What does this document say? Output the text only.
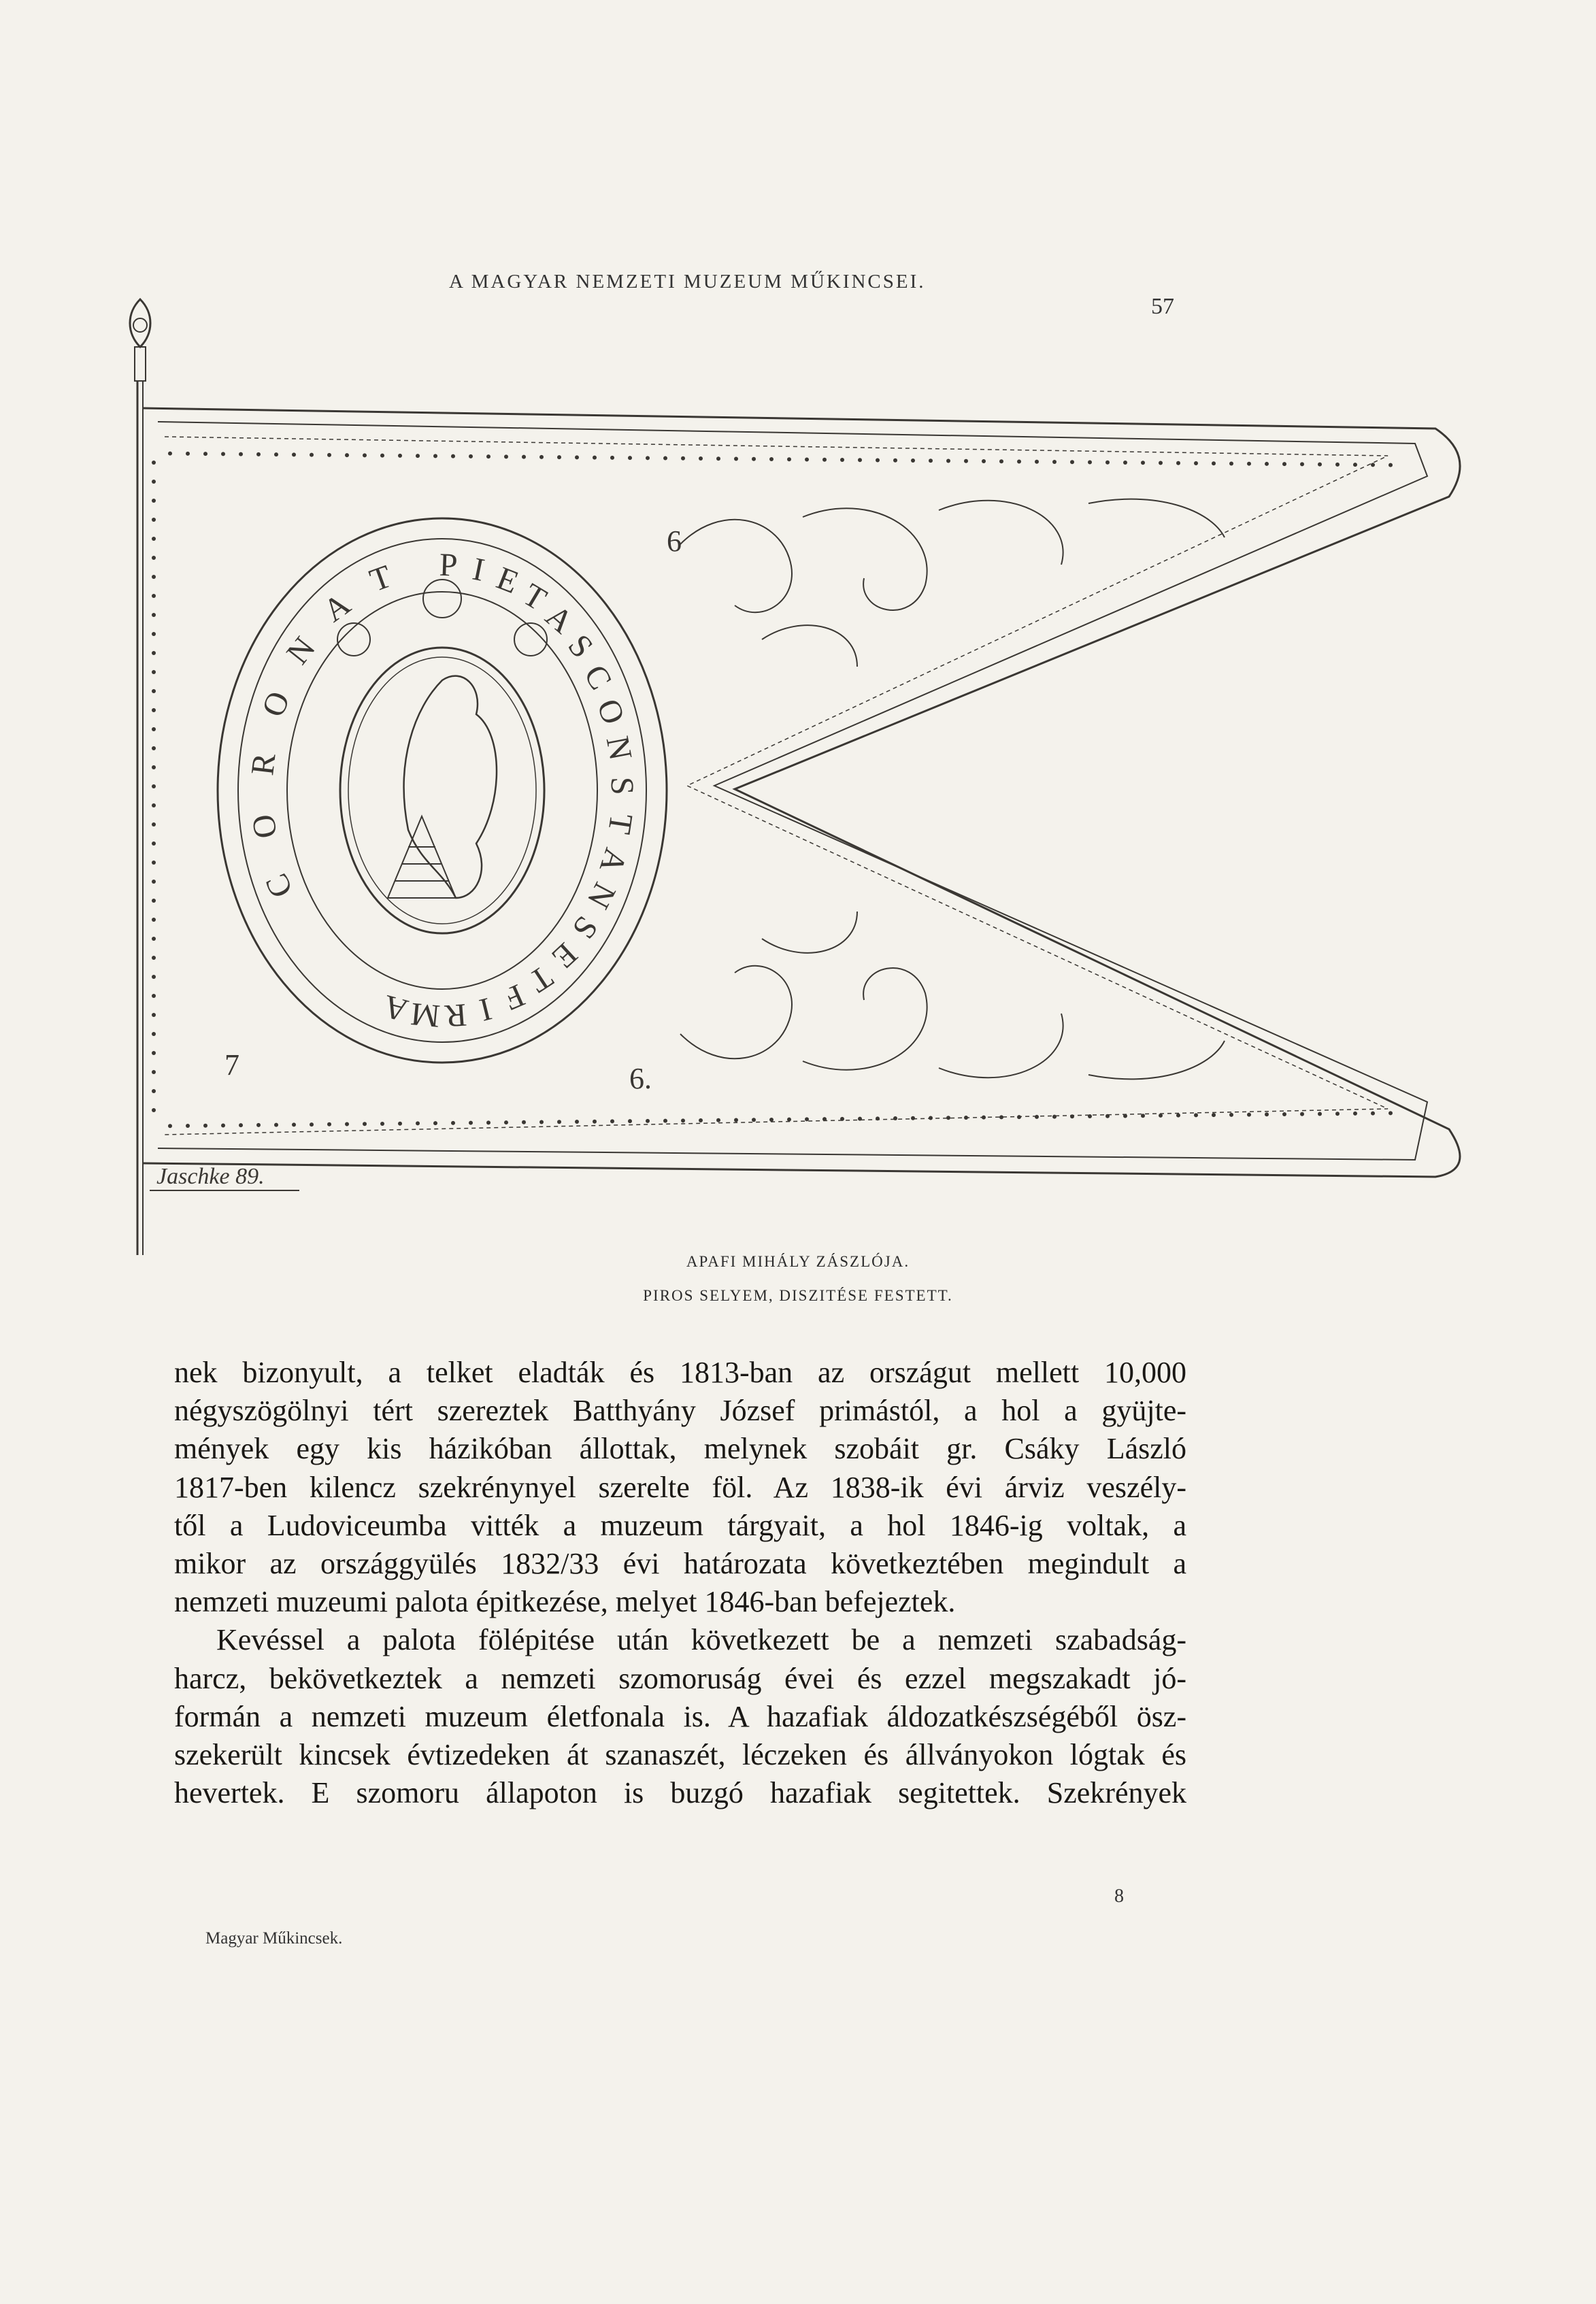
A MAGYAR NEMZETI MUZEUM MŰKINCSEI.
57
C
O
R
O
N
A
T P I E
T
A
S
C
O
N
S
T
A
N
S
E
T
F
I
R
M
A
6
6.
7
Jaschke 89.
APAFI MIHÁLY ZÁSZLÓJA.
PIROS SELYEM, DISZITÉSE FESTETT.

nek bizonyult, a telket eladták és 1813-ban az országut mellett 10,000

négyszögölnyi tért szereztek Batthyány József primástól, a hol a gyüjte-

mények egy kis házikóban állottak, melynek szobáit gr. Csáky László

1817-ben kilencz szekrénynyel szerelte föl. Az 1838-ik évi árviz veszély-

től a Ludoviceumba vitték a muzeum tárgyait, a hol 1846-ig voltak, a

mikor az országgyülés 1832/33 évi határozata következtében megindult a

nemzeti muzeumi palota épitkezése, melyet 1846-ban befejeztek.

Kevéssel a palota fölépitése után következett be a nemzeti szabadság-

harcz, bekövetkeztek a nemzeti szomoruság évei és ezzel megszakadt jó-

formán a nemzeti muzeum életfonala is. A hazafiak áldozatkészségéből ösz-

szekerült kincsek évtizedeken át szanaszét, léczeken és állványokon lógtak és

hevertek. E szomoru állapoton is buzgó hazafiak segitettek. Szekrények

8
Magyar Műkincsek.
